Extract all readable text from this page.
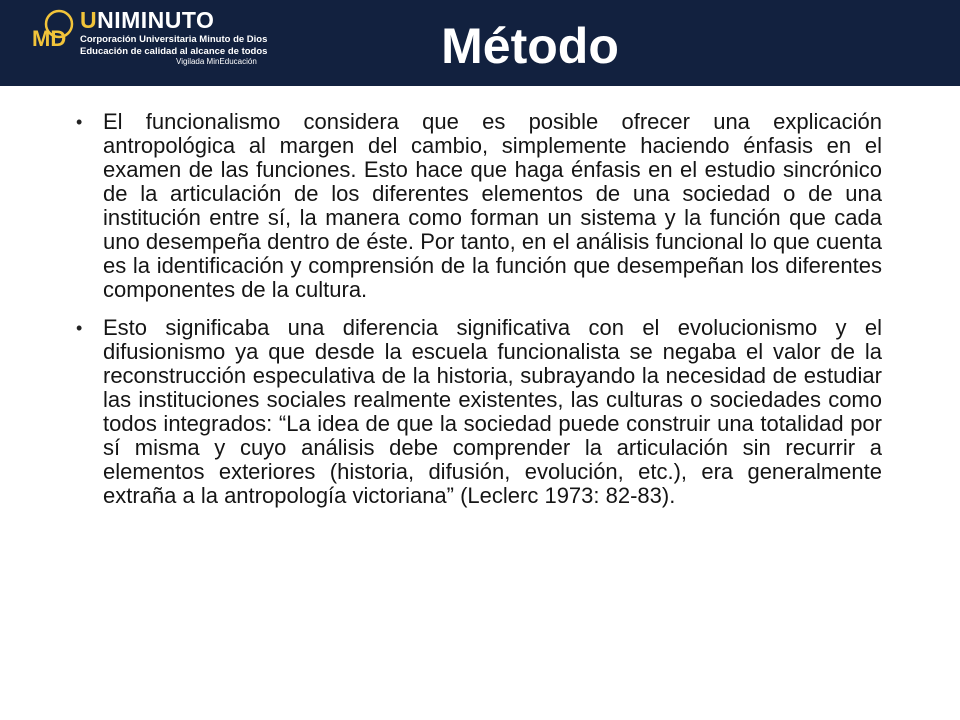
MD
UNIMINUTO
Corporación Universitaria Minuto de Dios
Educación de calidad al alcance de todos
Vigilada MinEducación	Método
• El funcionalismo considera que es posible ofrecer una explicación antropológica al margen del cambio, simplemente haciendo énfasis en el examen de las funciones. Esto hace que haga énfasis en el estudio sincrónico de la articulación de los diferentes elementos de una sociedad o de una institución entre sí, la manera como forman un sistema y la función que cada uno desempeña dentro de éste. Por tanto, en el análisis funcional lo que cuenta es la identificación y comprensión de la función que desempeñan los diferentes componentes de la cultura.
• Esto significaba una diferencia significativa con el evolucionismo y el difusionismo ya que desde la escuela funcionalista se negaba el valor de la reconstrucción especulativa de la historia, subrayando la necesidad de estudiar las instituciones sociales realmente existentes, las culturas o sociedades como todos integrados: “La idea de que la sociedad puede construir una totalidad por sí misma y cuyo análisis debe comprender la articulación sin recurrir a elementos exteriores (historia, difusión, evolución, etc.), era generalmente extraña a la antropología victoriana” (Leclerc 1973: 82-83).
